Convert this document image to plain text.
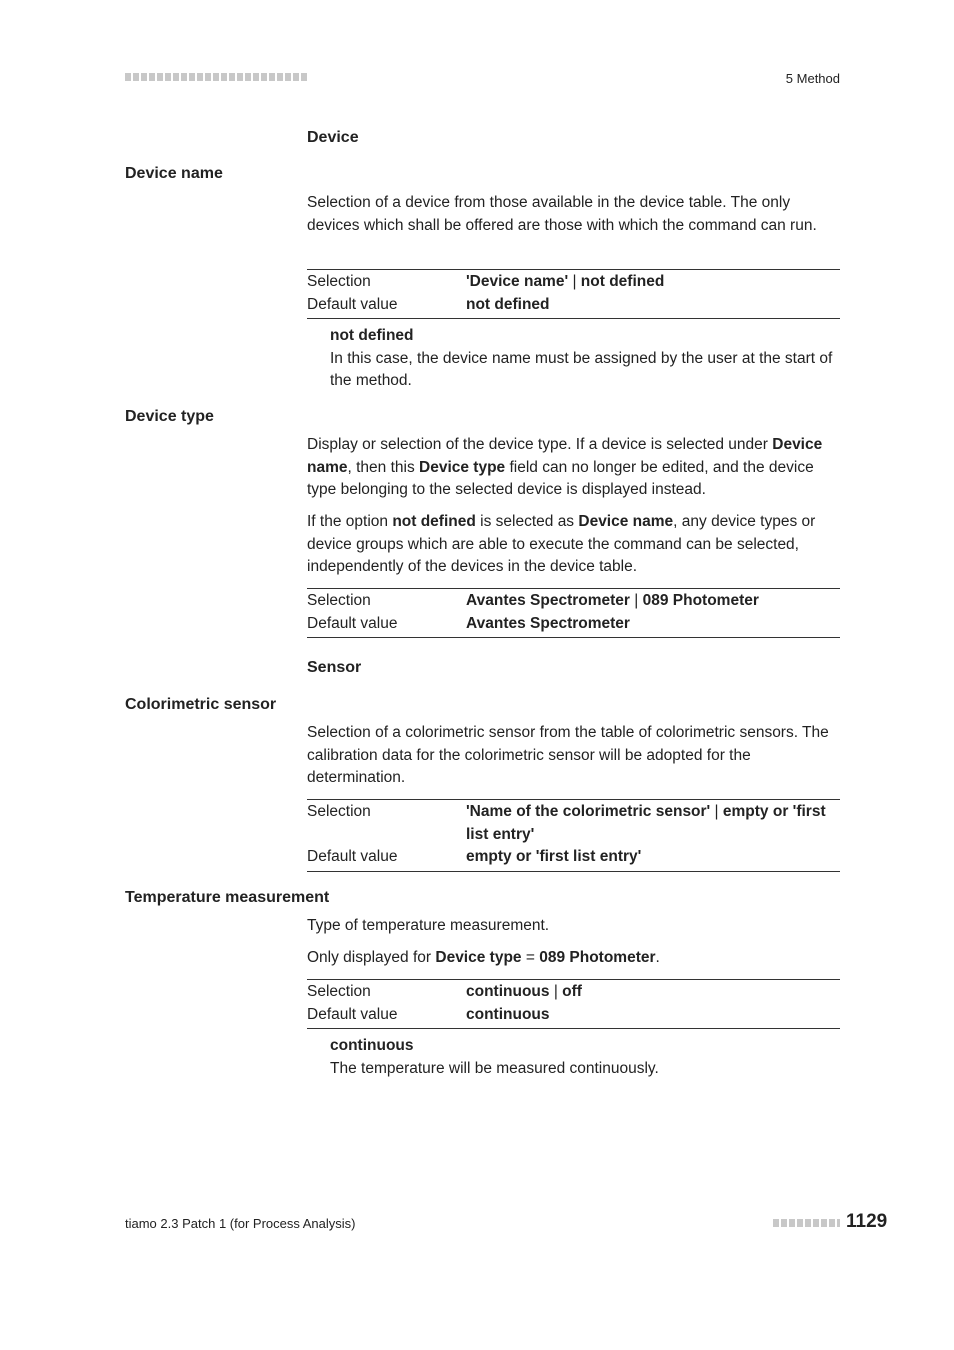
5 Method
Device
Device name
Selection of a device from those available in the device table. The only devices which shall be offered are those with which the command can run.
Selection	'Device name' | not defined
Default value	not defined
not defined
In this case, the device name must be assigned by the user at the start of the method.
Device type
Display or selection of the device type. If a device is selected under Device name, then this Device type field can no longer be edited, and the device type belonging to the selected device is displayed instead.
If the option not defined is selected as Device name, any device types or device groups which are able to execute the command can be selected, independently of the devices in the device table.
Selection	Avantes Spectrometer | 089 Photometer
Default value	Avantes Spectrometer
Sensor
Colorimetric sensor
Selection of a colorimetric sensor from the table of colorimetric sensors. The calibration data for the colorimetric sensor will be adopted for the determination.
Selection	'Name of the colorimetric sensor' | empty or 'first list entry'
Default value	empty or 'first list entry'
Temperature measurement
Type of temperature measurement.
Only displayed for Device type = 089 Photometer.
Selection	continuous | off
Default value	continuous
continuous
The temperature will be measured continuously.
tiamo 2.3 Patch 1 (for Process Analysis)	1129
